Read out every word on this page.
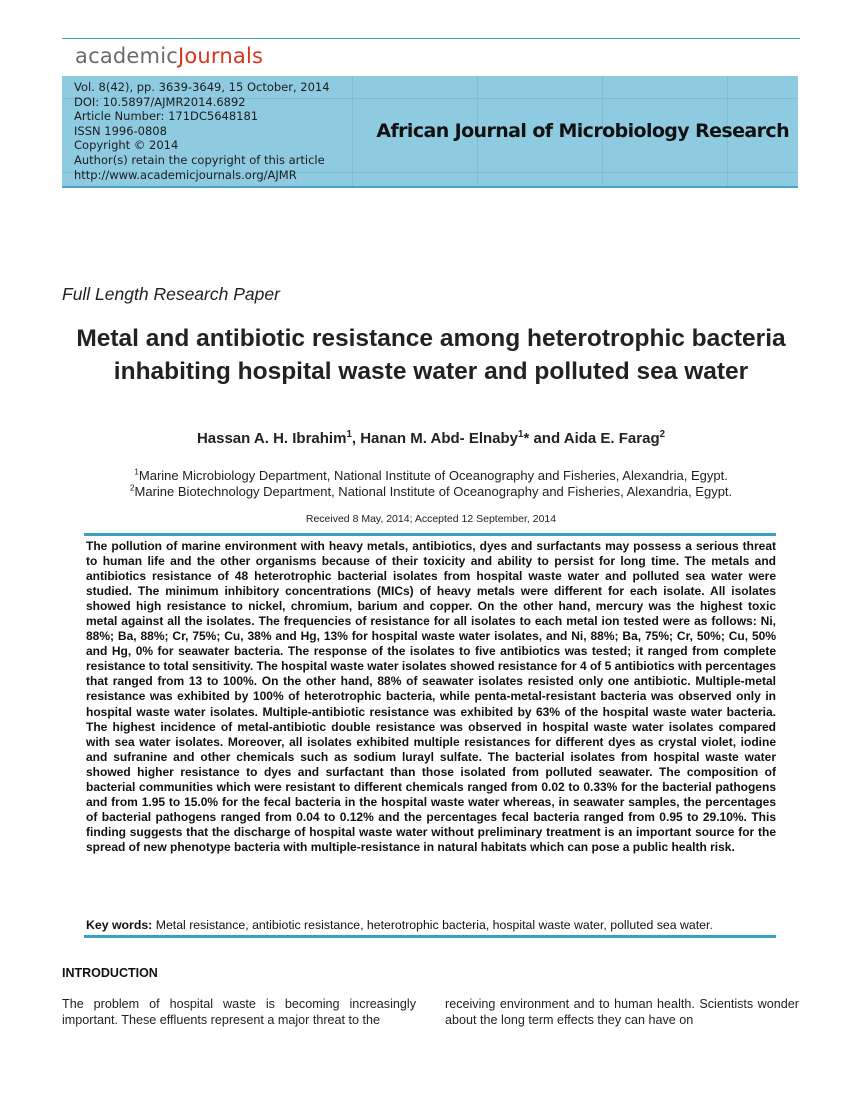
academicJournals
Vol. 8(42), pp. 3639-3649, 15 October, 2014
DOI: 10.5897/AJMR2014.6892
Article Number: 171DC5648181
ISSN 1996-0808
Copyright © 2014
Author(s) retain the copyright of this article
http://www.academicjournals.org/AJMR
African Journal of Microbiology Research
Full Length Research Paper
Metal and antibiotic resistance among heterotrophic bacteria inhabiting hospital waste water and polluted sea water
Hassan A. H. Ibrahim$^1$, Hanan M. Abd- Elnaby$^1$* and Aida E. Farag$^2$
$^1$Marine Microbiology Department, National Institute of Oceanography and Fisheries, Alexandria, Egypt.
$^2$Marine Biotechnology Department, National Institute of Oceanography and Fisheries, Alexandria, Egypt.
Received 8 May, 2014; Accepted 12 September, 2014
The pollution of marine environment with heavy metals, antibiotics, dyes and surfactants may possess a serious threat to human life and the other organisms because of their toxicity and ability to persist for long time. The metals and antibiotics resistance of 48 heterotrophic bacterial isolates from hospital waste water and polluted sea water were studied. The minimum inhibitory concentrations (MICs) of heavy metals were different for each isolate. All isolates showed high resistance to nickel, chromium, barium and copper. On the other hand, mercury was the highest toxic metal against all the isolates. The frequencies of resistance for all isolates to each metal ion tested were as follows: Ni, 88%; Ba, 88%; Cr, 75%; Cu, 38% and Hg, 13% for hospital waste water isolates, and Ni, 88%; Ba, 75%; Cr, 50%; Cu, 50% and Hg, 0% for seawater bacteria. The response of the isolates to five antibiotics was tested; it ranged from complete resistance to total sensitivity. The hospital waste water isolates showed resistance for 4 of 5 antibiotics with percentages that ranged from 13 to 100%. On the other hand, 88% of seawater isolates resisted only one antibiotic. Multiple-metal resistance was exhibited by 100% of heterotrophic bacteria, while penta-metal-resistant bacteria was observed only in hospital waste water isolates. Multiple-antibiotic resistance was exhibited by 63% of the hospital waste water bacteria. The highest incidence of metal-antibiotic double resistance was observed in hospital waste water isolates compared with sea water isolates. Moreover, all isolates exhibited multiple resistances for different dyes as crystal violet, iodine and sufranine and other chemicals such as sodium lurayl sulfate. The bacterial isolates from hospital waste water showed higher resistance to dyes and surfactant than those isolated from polluted seawater. The composition of bacterial communities which were resistant to different chemicals ranged from 0.02 to 0.33% for the bacterial pathogens and from 1.95 to 15.0% for the fecal bacteria in the hospital waste water whereas, in seawater samples, the percentages of bacterial pathogens ranged from 0.04 to 0.12% and the percentages fecal bacteria ranged from 0.95 to 29.10%. This finding suggests that the discharge of hospital waste water without preliminary treatment is an important source for the spread of new phenotype bacteria with multiple-resistance in natural habitats which can pose a public health risk.
Key words: Metal resistance, antibiotic resistance, heterotrophic bacteria, hospital waste water, polluted sea water.
INTRODUCTION
The problem of hospital waste is becoming increasingly important. These effluents represent a major threat to the
receiving environment and to human health. Scientists wonder about the long term effects they can have on
